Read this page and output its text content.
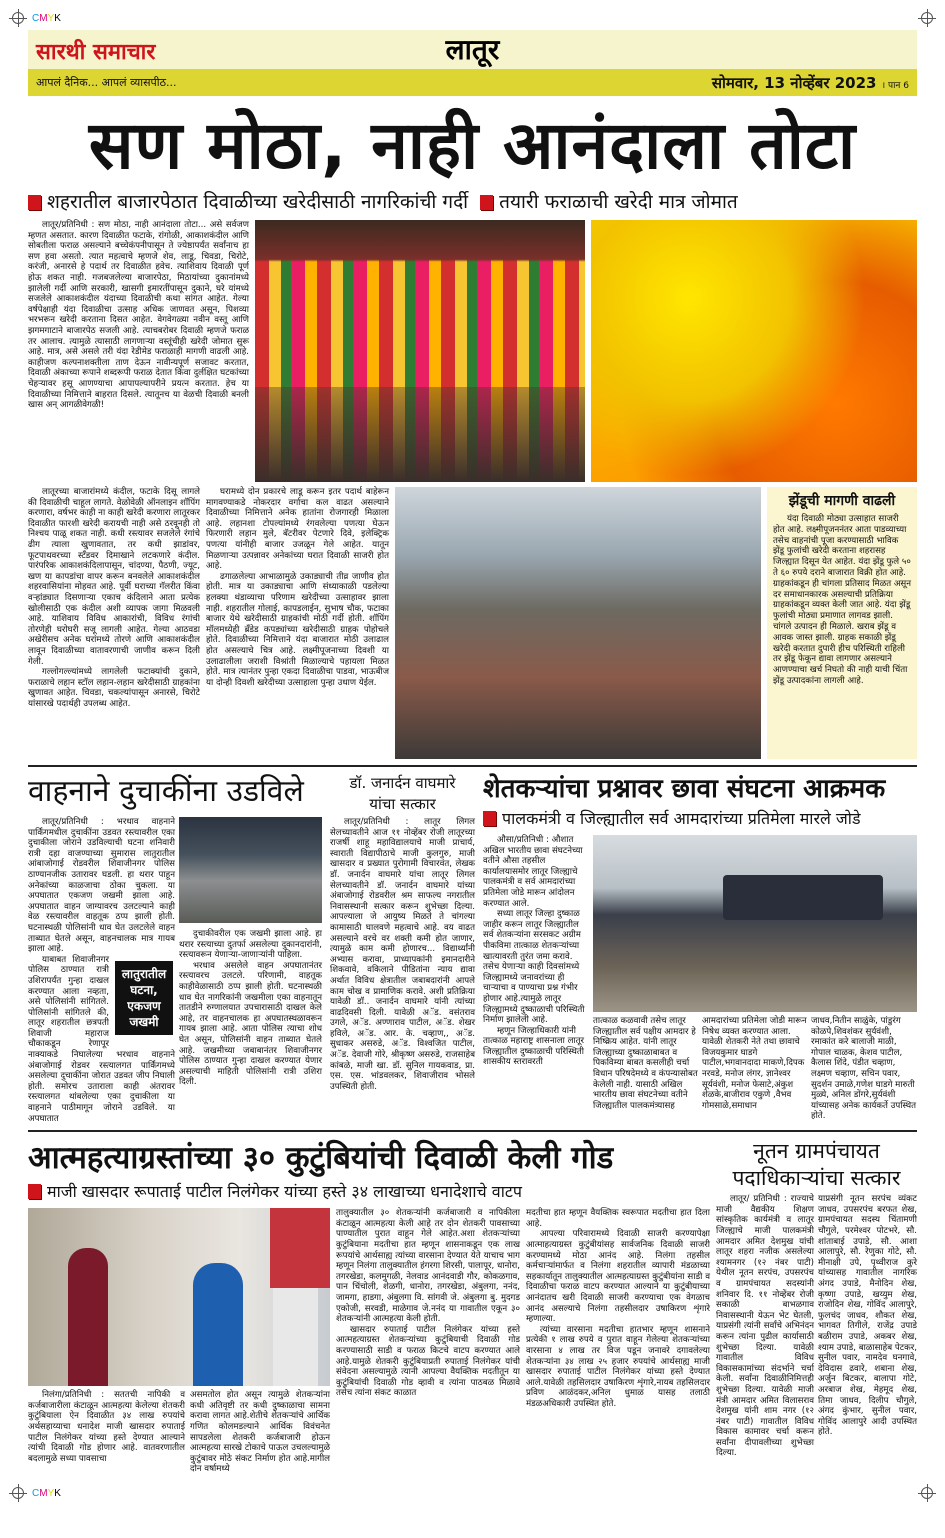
CMYK
सारथी समाचार	लातूर
आपलं दैनिक... आपलं व्यासपीठ...	सोमवार, 13 नोव्हेंबर 2023 । पान 6
सण मोठा, नाही आनंदाला तोटा
शहरातील बाजारपेठात दिवाळीच्या खरेदीसाठी नागरिकांची गर्दी तयारी फराळाची खरेदी मात्र जोमात

लातूर/प्रतिनिधी : सण मोठा, नाही आनंदाला तोटा... असे सर्वजण म्हणत असतात. कारण दिवाळीत फटाके, रांगोळी, आकाशकंदील आणि सोबतीला फराळ असल्याने बच्चेकंपनीपासून ते ज्येष्ठापर्यंत सर्वांनाच हा सण हवा असतो. त्यात महत्वाचे म्हणजे शेव, लाडू, चिवडा, चिरोटे, करंजी, अनारसे हे पदार्थ तर दिवाळीत हवेच. त्याशिवाय दिवाळी पूर्ण होऊ शकत नाही. गजबजलेल्या बाजारपेठा, मिठायांच्या दुकानांमध्ये झालेली गर्दी आणि सरकारी, खासगी इमारतींपासून दुकाने, घरे यांमध्ये सजलेले आकाशकंदील यंदाच्या दिवाळीची कथा सांगत आहेत. गेल्या वर्षपेक्षाही यंदा दिवाळीचा उत्साह अधिक जाणवत असून, पिशव्या भरभरून खरेदी करताना दिसत आहेत. वेगवेगळ्या नवीन वस्तू आणि झगमगाटाने बाजारपेठ सजली आहे. त्याचबरोबर दिवाळी म्हणजे फराळ तर आलाच. त्यामुळे त्यासाठी लागणाऱ्या वस्तूंचीही खरेदी जोमात सुरू आहे. मात्र, असे असले तरी यंदा रेडीमेड फराळाही मागणी वाढली आहे. काहीजण कल्पनाशक्तीला ताण देऊन नावीन्यपूर्ण सजावट करतात, दिवाळी अंकाच्या रूपाने शब्दरूपी फराळ देतात किंवा दुर्लक्षित घटकांच्या चेहऱ्यावर हसू आणण्याचा आपापल्यापरीने प्रयत्न करतात. हेच या दिवाळीच्या निमित्ताने बाहरात दिसले. त्यातूनच या वेळची दिवाळी बनली खास अन् आगळीवेगळी!

लातूरच्या बाजारांमध्ये कंदील, फटाके दिसू लागले की दिवाळीची चाहूल लागते. वेळोवेळी ऑनलाइन शॉपिंग करणारा, वर्षभर काही ना काही खरेदी करणारा लातूरकर दिवाळीत फारशी खरेदी करायची नाही असे ठरवूनही तो निश्चय पाळू शकत नाही. कधी रस्त्यावर सजलेले रंगांचे ढीग त्याला खुणावतात, तर कधी झाडांवर, फूटपाथवरच्या स्टँडवर दिमाखाने लटकणारे कंदील. पारंपरिक आकाशकंदिलापासून, चांदण्या, पैठणी, ज्यूट, खण या कापडांचा वापर करून बनवलेले आकाशकंदील शहरवासियांना मोहवत आहे. पूर्वी घराच्या गॅलरीत किंवा वऱ्हांड्यात दिसणाऱ्या एकाच कंदिलाने आता प्रत्येक खोलीसाठी एक कंदील अशी व्यापक जागा मिळवली आहे. याशिवाय विविध आकारांची, विविध रंगांची तोरणेही घरोघरी सजू लागली आहेत. गेल्या आठवडा अखेरीसच अनेक घरांमध्ये तोरणे आणि आकाशकंदील लावून दिवाळीच्या वातावरणाची जाणीव करून दिली गेली.

गल्लोगल्ल्यांमध्ये लागलेली फटाक्यांची दुकाने, फराळाचे लहान स्टॉल लहान-लहान खरेदीसाठी ग्राहकांना खुणावत आहेत. चिवडा, चकल्यांपासून अनारसे, चिरोटे यांसारखे पदार्थही उपलब्ध आहेत.

घरामध्ये दोन प्रकारचे लाडू करून इतर पदार्थ बाहेरून मागवण्याकडे नोकरदार वर्गाचा कल वाढत असल्याने दिवाळीच्या निमित्ताने अनेक हातांना रोजगारही मिळाला आहे. लहानशा टोपल्यांमध्ये रंगवलेल्या पणत्या घेऊन फिरणारी लहान मुले, बॅटरीवर पेटणारे दिवे, इलेक्ट्रिक पणत्या यांनीही बाजार उजळून गेले आहेत. यातून मिळणाऱ्या उत्पन्नावर अनेकांच्या घरात दिवाळी साजरी होत आहे.

ढगाळलेल्या आभाळामुळे उकाड्याची तीव्र जाणीव होत होती. मात्र या उकाड्याचा आणि संध्याकाळी पडलेल्या हलक्या थंडाव्याचा परिणाम खरेदीच्या उत्साहावर झाला नाही. शहरातील गोलाई, कापडलाईन, सुभाष चौक, फटाका बाजार येथे खरेदीसाठी ग्राहकांची मोठी गर्दी होती. शॉपिंग मॉलमध्येही ब्रँडेड कपड्यांच्या खरेदीसाठी ग्राहक पोहोचले होते. दिवाळीच्या निमित्ताने यंदा बाजारात मोठी उलाढाल होत असल्याचे चित्र आहे. लक्ष्मीपूजनाच्या दिवशी या उलाढालीला जराशी विश्रांती मिळाल्याचे पहायला मिळत होते. मात्र त्यानंतर पुन्हा एकदा दिवाळीचा पाडवा, भाऊबीज या दोन्ही दिवशी खरेदीच्या उत्साहाला पुन्हा उधाण येईल.

झेंडूची मागणी वाढली

यंदा दिवाळी मोठ्या उत्साहात साजरी होत आहे. लक्ष्मीपूजननंतर आता पाडव्याच्या तसेच वाहनांची पूजा करण्यासाठी भाविक झेंडू फुलांची खरेदी करताना शहरासह जिल्ह्यात दिसून येत आहेत. यंदा झेंडू फुले ५० ते ६० रुपये दराने बाजारात विक्री होत आहे. ग्राहकांकडून ही चांगला प्रतिसाद मिळत असून दर समाधानकारक असल्याची प्रतिक्रिया ग्राहकांकडून व्यक्त केली जात आहे. यंदा झेंडू फुलांची मोठ्या प्रमाणात लागवड झाली. चांगले उत्पादन ही मिळाले. खराब झेंडू व आवक जास्त झाली. ग्राहक सकाळी झेंडू खरेदी करतात दुपारी हीच परिस्थिती राहिली तर झेंडू फेकून द्यावा लागणार असल्याने आणण्याचा खर्च निघतो की नाही याची चिंता झेंडू उत्पादकांना लागली आहे.

वाहनाने दुचाकींना उडविले

लातूर/प्रतिनिधी : भरधाव वाहनाने पार्किंगमधील दुचाकींना उडवत रस्त्यावरील एका दुचाकीला जोराने उडविल्याची घटना शनिवारी रात्री दहा वाजण्याच्या सुमारास लातुरातील आंबाजोगाई रोडवरील शिवाजीनगर पोलिस ठाण्यानजीक उतारावर घडली. हा थरार पाहून अनेकांच्या काळजाचा ठोका चुकला. या अपघातात एकजण जखमी झाला आहे. अपघातात वाहन जाग्यावरच उलटल्याने काही वेळ रस्त्यावरील वाहतूक ठप्प झाली होती. घटनास्थळी पोलिसांनी धाव घेत उलटलेले वाहन ताब्यात घेतले असून, वाहनचालक मात्र गायब झाला आहे.

लातुरातील घटना, एकजण जखमी

याबाबत शिवाजीनगर पोलिस ठाण्यात रात्री उशिरापर्यंत गुन्हा दाखल करण्यात आला नव्हता, असे पोलिसांनी सांगितले. पोलिसांनी सांगितले की, लातूर शहरातील छत्रपती शिवाजी महाराज चौकाकडून रेणापूर नाक्याकडे निघालेल्या भरधाव वाहनाने अंबाजोगाई रोडवर रस्त्यालगत पार्किंगमध्ये असलेल्या दुचाकींना जोरात उडवत जीप निघाली होती. समोरच उताराला काही अंतरावर रस्त्यालगत थांबलेल्या एका दुचाकीला या वाहनाने पाठीमागून जोराने उडविले. या अपघातात

दुचाकीवरील एक जखमी झाला आहे. हा थरार रस्त्याच्या दुतर्फा असलेल्या दुकानदारांनी, रस्त्यावरून येणाऱ्या-जाणाऱ्यांनी पाहिला.

भरधाव असलेले वाहन अपघातानंतर रस्त्यावरच उलटले. परिणामी, वाहतूक काहीवेळासाठी ठप्प झाली होती. घटनास्थळी धाव घेत नागरिकांनी जखमीला एका वाहनातून तातडीने रुग्णालयात उपचारासाठी दाखल केले आहे, तर वाहनचालक हा अपघातस्थळावरून गायब झाला आहे. आता पोलिस त्याचा शोध घेत असून, पोलिसांनी वाहन ताब्यात घेतले आहे. जखमीच्या जबाबानंतर शिवाजीनगर पोलिस ठाण्यात गुन्हा दाखल करण्यात येणार असल्याची माहिती पोलिसांनी रात्री उशिरा दिली.

डॉ. जनार्दन वाघमारे
यांचा सत्कार

लातूर/प्रतिनिधी : लातूर लिगल सेलच्यावतीने आज ११ नोव्हेंबर रोजी लातूरच्या राजर्षी शाहू महाविद्यालयाचे माजी प्राचार्य, स्वाराती विद्यापीठाचे माजी कुलगुरु, माजी खासदार व प्रख्यात पुरोगामी विचारवंत, लेखक डॉ. जनार्दन वाघमारे यांचा लातूर लिगल सेलच्यावतीने डॉ. जनार्दन वाघमारे यांच्या अंबाजोगाई रोडवरील श्रम साफल्य नगरातील निवासस्थानी सत्कार करून शुभेच्छा दिल्या. आपल्याला जे आयुष्य मिळते ते चांगल्या कामासाठी घालवणे महत्वाचे आहे. वय वाढत असल्याने वरचे वर शक्ती कमी होत जाणार, त्यामुळे काम कमी होणारच... विद्यार्थ्यांनी अभ्यास करावा, प्राध्यापकांनी इमानदारीने शिकवावे, वकिलाने पीडितांना न्याय द्यावा अर्थात विविध क्षेत्रातील जबाबदारांनी आपले काम चोख व प्रामाणिक करावे. अशी प्रतिक्रिया यावेळी डॉ.. जनार्दन वाघमारे यांनी त्यांच्या वाढदिवसी दिली. यावेळी अॅड. वसंतराव उगले, अॅड. अण्णाराव पाटील, अॅड. शेखर हविले, अॅड. आर. के. चव्हाण,, अॅड. सुधाकर असरुडे, अॅड. विश्वजित पाटील, अॅड. देवाजी गोरे, श्रीकृष्ण असरुडे, राजसाहेब कांबळे, माजी खा. डॉ. सुनिल गायकवाड, प्रा. एस. एस. भांडवलकर, शिवाजीराव भोसले उपस्थिती होती.

शेतकऱ्यांचा प्रश्नावर छावा संघटना आक्रमक
पालकमंत्री व जिल्ह्यातील सर्व आमदारांच्या प्रतिमेला मारले जोडे

औसा/प्रतिनिधी : औशात अखिल भारतीय छावा संघटनेच्या वतीने औसा तहसील कार्यालयासमोर लातूर जिल्ह्याचे पालकमंत्री व सर्व आमदारांच्या प्रतिमेला जोडे मारून आंदोलन करण्यात आले.

सध्या लातूर जिल्हा दुष्काळ जाहीर करून लातूर जिल्ह्यातील सर्व शेतकऱ्यांना सरसकट अग्रीम पीकविमा तात्काळ शेतकऱ्यांच्या खात्यावरती तुरंत जमा करावे. तसेच येणाऱ्या काही दिवसांमध्ये जिल्ह्यामध्ये जनावरांच्या ही चाऱ्याचा व पाण्याचा प्रश्न गंभीर होणार आहे.त्यामुळे लातूर जिल्ह्यामध्ये दुष्काळाची परिस्थिती निर्माण झालेली आहे.

म्हणून जिल्हाधिकारी यांनी तात्काळ महाराष्ट्र शासनाला लातूर जिल्ह्यातील दुष्काळाची परिस्थिती शासकीय स्तरावरती

तात्काळ कळवावी तसेच लातूर जिल्ह्यातील सर्व पक्षीय आमदार हे निष्क्रिय आहेत. यांनी लातूर जिल्ह्याच्या दुष्काळाबाबत व पिकविम्या बाबत कसलीही चर्चा विधान परिषदेमध्ये व कंपन्यासोबत केलेली नाही. यासाठी अखिल भारतीय छावा संघटनेच्या वतीने जिल्ह्यातील पालकमंत्र्यासह

आमदारांच्या प्रतिमेला जोडी मारून निषेध व्यक्त करण्यात आला. यावेळी शेतकरी नेते तथा छावाचे विजयकुमार घाडगे पाटील,भगवानदादा माकणे,दिपक नरवडे, मनोज लंगर, ज्ञानेश्वर सूर्यवंशी, मनोज फेसाटे,अंकुश शेळके,बाजीराव एकुणे ,वैभव गोमसाळे,समाधान

जाधव,नितीन साळुंके, पांडुरंग कोळपे,शिवशंकर सुर्यवंशी, रमाकांत करे बालाजी माळी, गोपाल चाळक, केशव पाटील, कैलास शिंदे, पंडीत चव्हाण, लक्ष्मण चव्हाण, सचिन पवार, सुदर्शन उमाळे,गणेश घाडगे मारुती मुळ्ये, अनिल डोंगरे,सुर्यवंशी यांच्यासह अनेक कार्यकर्ते उपस्थित होते.

आत्महत्याग्रस्तांच्या ३० कुटुंबियांची दिवाळी केली गोड
माजी खासदार रूपाताई पाटील निलंगेकर यांच्या हस्ते ३४ लाखाच्या धनादेशाचे वाटप

निलंगा/प्रतिनिधी : सततची नापिकी व कर्जबाजारीला कंटाळून आत्महत्या केलेल्या शेतकरी कुटुंबियाला ऐन दिवाळीत ३४ लाख रुपयांचे अर्थसहाय्याचा धनादेश माजी खासदार रुपाताई पाटील निलंगेकर यांच्या हस्ते देण्यात आल्याने त्यांची दिवाळी गोड होणार आहे. वातवरणातील बदलामुळे सध्या पावसाचा

असमतोल होत असून त्यामुळे शेतकऱ्यांना कधी अतिवृष्टी तर कधी दुष्काळाचा सामना करावा लागत आहे.शेतीचे शेतकऱ्यांचे आर्थिक गणित कोलमडल्याने आर्थिक विवंचनेत सापडलेला शेतकरी कर्जबाजारी होऊन आत्महत्या सारखे टोकाचे पाऊल उचलल्यामुळे कुटुंबावर मोठे संकट निर्माण होत आहे.मागील दोन वर्षामध्ये

तालुक्यातील ३० शेतकऱ्यांनी कर्जबाजारी व नापिकीला कंटाळून आत्महत्या केली आहे तर दोन शेतकरी पावसाच्या पाण्यातील पुरात वाहून गेले आहेत.अशा शेतकऱ्यांच्या कुटुंबियाना मदतीचा हात म्हणून शासनाकडून एक लाख रूपयांचे आर्थसाह्य त्यांच्या वारसाना देण्यात येते याचाच भाग म्हणून निलंगा तालुक्यातील हंगरगा शिरसी, पालापूर, धानोरा, तगरखेडा, कलमुगळी, नेलवाड आनंदवाडी गौर, कोकळगाव, पान चिंचोली, शेळगी, धानोरा, तगरखेडा, अंबुलगा, ननंद, जामगा, हाडगा, अंबुलगा वि. सांगवी जे. अंबुलगा बु. मुदगड एकोजी, सरवडी, माळेगाव जे.ननंद या गावातील एकून ३० शेतकऱ्यांनी आत्महत्या केली होती.

खासदार रुपाताई पाटील निलंगेकर यांच्या हस्ते आत्महत्याग्रस्त शेतकऱ्यांच्या कुटुंबियाची दिवाळी गोड करण्यासाठी साडी व फराळ किटचे वाटप करण्यात आले आहे.यामुळे शेतकरी कुटुंबियाप्रती रुपाताई निलंगेकर यांची संवेदना असल्यामुळे त्यानी आपल्या वैयक्तिक मदतीतून या कुटुंबियांची दिवाळी गोड व्हावी व त्यांना पाठबळ मिळावे तसेच त्यांना संकट काळात

मदतीचा हात म्हणून वैयक्तिक स्वरूपात मदतीचा हात दिला आहे.

आपल्या परिवारामध्ये दिवाळी साजरी करण्यापेक्षा आत्माहत्याग्रस्त कुटुंबीयांसह सार्वजनिक दिवाळी साजरी करण्यामध्ये मोठा आनंद आहे. निलंगा तहसील कर्मचाऱ्यांमार्फत व निलंगा शहरातील व्यापारी मंडळाच्या सहकार्यातून तालुक्यातील आत्महत्याग्रस्त कुटुंबीयांना साडी व दिवाळीचा फराळ वाटप करण्यात आल्याने या कुटुंबीयाच्या आनंदातच खरी दिवाळी साजरी करण्याचा एक वेगळाच आनंद असल्याचे निलंगा तहसीलदार उषाकिरण शृंगारे म्हणाल्या.

त्यांच्या वारसाना मदतीचा हातभार म्हणून शासनाने प्रत्येकी १ लाख रुपये व पुरात वाहून गेलेल्या शेतकऱ्यांच्या वारसाना ४ लाख तर विज पडून जनावरे दगावलेल्या शेतकऱ्यांना ३४ लाख २५ हजार रुपयांचे आर्थसाह्य माजी खासदार रुपाताई पाटील निलंगेकर यांच्या हस्ते देण्यात आले.यावेळी तहसिलदार उषाकिरण शृंगारे,नायब तहसिलदार प्रविण आळंदकर,अनिल धुमाळ यासह तलाठी मंडळअधिकारी उपस्थित होते.

नूतन ग्रामपंचायत
पदाधिकाऱ्यांचा सत्कार

लातूर/ प्रतिनिधी : राज्याचे माजी वैद्यकीय शिक्षण सांस्कृतिक कार्यमंत्री व लातूर जिल्ह्याचे माजी पालकमंत्री आमदार अमित देशमुख यांची लातूर शहरा नजीक असलेल्या श्यामनगर (१२ नंबर पाटी) येथील नूतन सरपंच, उपसरपंच व ग्रामपंचायत सदस्यांनी शनिवार दि. ११ नोव्हेंबर रोजी सकाळी बाभळगाव निवासस्थानी येऊन भेट घेतली, याप्रसंगी त्यांनी सर्वांचे अभिनंदन करून त्यांना पुढील कार्यासाठी शुभेच्छा दिल्या. यावेळी गावातील विविध विकासकामांच्या संदर्भाने चर्चा केली. सर्वांना दिवाळीनिमित्तही शुभेच्छा दिल्या. यावेळी माजी मंत्री आमदार अमित विलासराव देशमुख यांनी शाम नगर (१२ नंबर पाटी) गावातील विविध विकास कामावर चर्चा करून सर्वांना दीपावलीच्या शुभेच्छा दिल्या.

याप्रसंगी नूतन सरपंच व्यंकट जाधव, उपसरपंच बरफत शेख, ग्रामपंचायत सदस्य चिंतामणी चौगुले, परमेश्वर पोटभरे, सौ. शांताबाई उपाडे, सौ. आशा आलापुरे, सौ. रेणुका गोटे, सौ. मीनाक्षी उपे, पृथ्वीराज कुरे यांच्यासह गावातील नागरिक अंगद उपाडे, मैनोदिन शेख, कृष्णा उपाडे, खय्युम शेख, राजोदिन शेख, गोविंद आलापुरे, फुलचंद जाधव, शौकत शेख, भागवत तिगीले, राजेंद्र उपाडे बळीराम उपाडे, अकबर शेख, श्याम उपाडे, बाळासाहेब पेटकर, सुनील पवार, नामदेव घनगावे, देविदास ढवारे, शबाना शेख, अर्जुन बिटकर, बालापा गोटे, अरबाज शेख, मेहमूद शेख, तिमा जाधव, दिलीप चौगुले, अंगद कुंभार, सुनील पवार, गोविंद आलापुरे आदी उपस्थित होते.

CMYK
